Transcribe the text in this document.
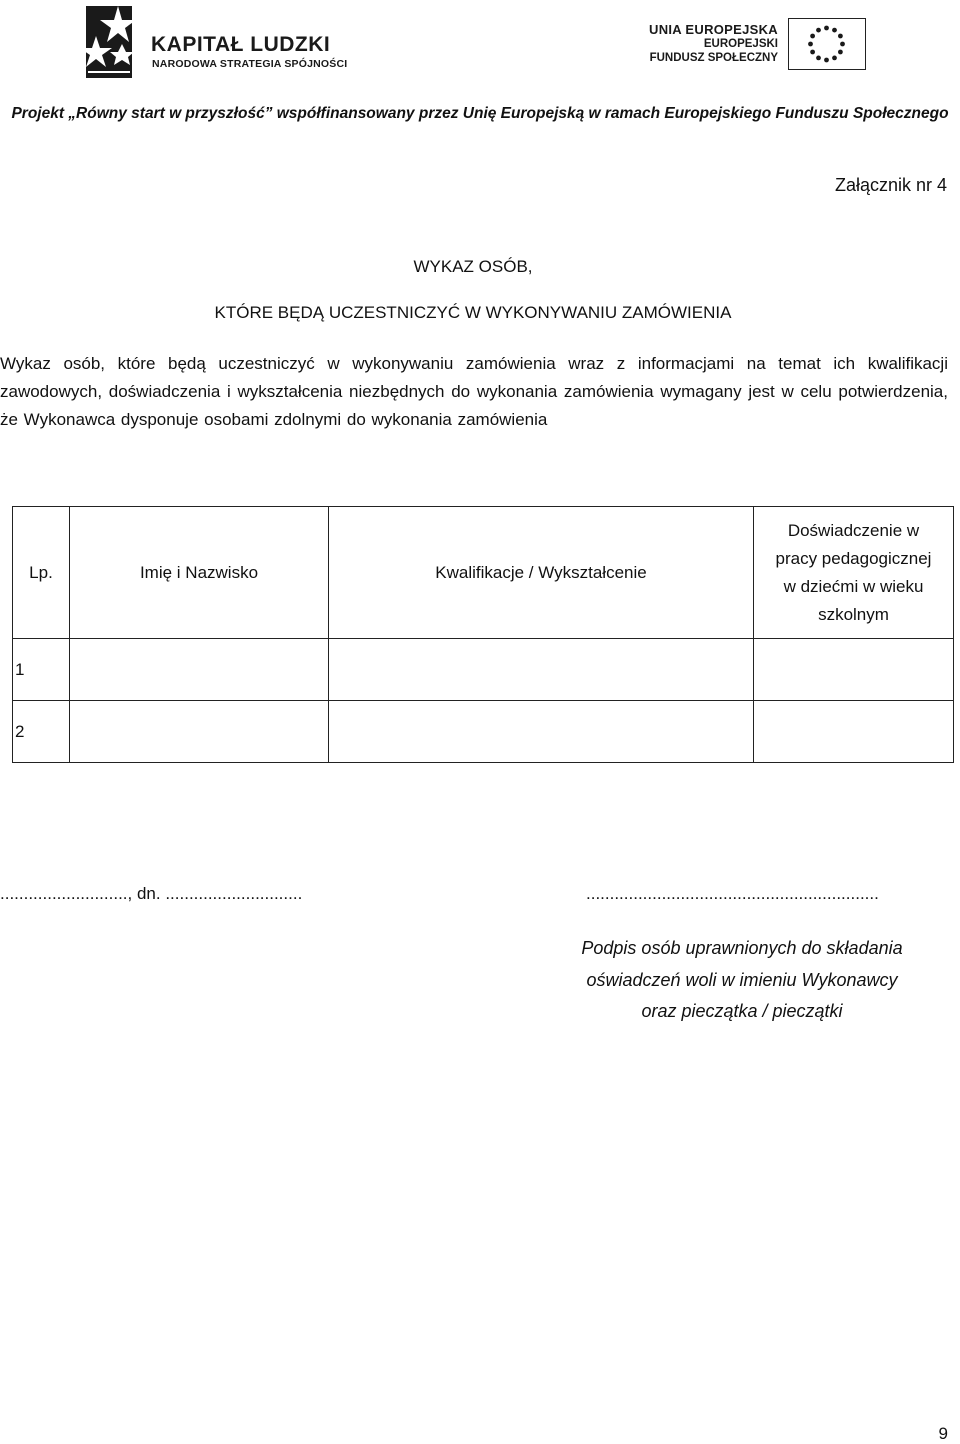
KAPITAŁ LUDZKI
NARODOWA STRATEGIA SPÓJNOŚCI
UNIA EUROPEJSKA
EUROPEJSKI
FUNDUSZ SPOŁECZNY
Projekt „Równy start w przyszłość” współfinansowany przez Unię Europejską w ramach Europejskiego Funduszu Społecznego
Załącznik nr 4
WYKAZ OSÓB,
KTÓRE BĘDĄ UCZESTNICZYĆ W WYKONYWANIU ZAMÓWIENIA
Wykaz osób, które będą uczestniczyć w wykonywaniu zamówienia wraz z informacjami na temat ich kwalifikacji zawodowych, doświadczenia i wykształcenia niezbędnych do wykonania zamówienia wymagany jest w celu potwierdzenia, że Wykonawca dysponuje osobami zdolnymi do wykonania zamówienia
Lp.	Imię i Nazwisko	Kwalifikacje / Wykształcenie	Doświadczenie w
pracy pedagogicznej
w dziećmi w wieku
szkolnym

1			
2			
..........................., dn. .............................	..............................................................
Podpis osób uprawnionych do składania
oświadczeń woli w imieniu Wykonawcy
oraz pieczątka / pieczątki
9
